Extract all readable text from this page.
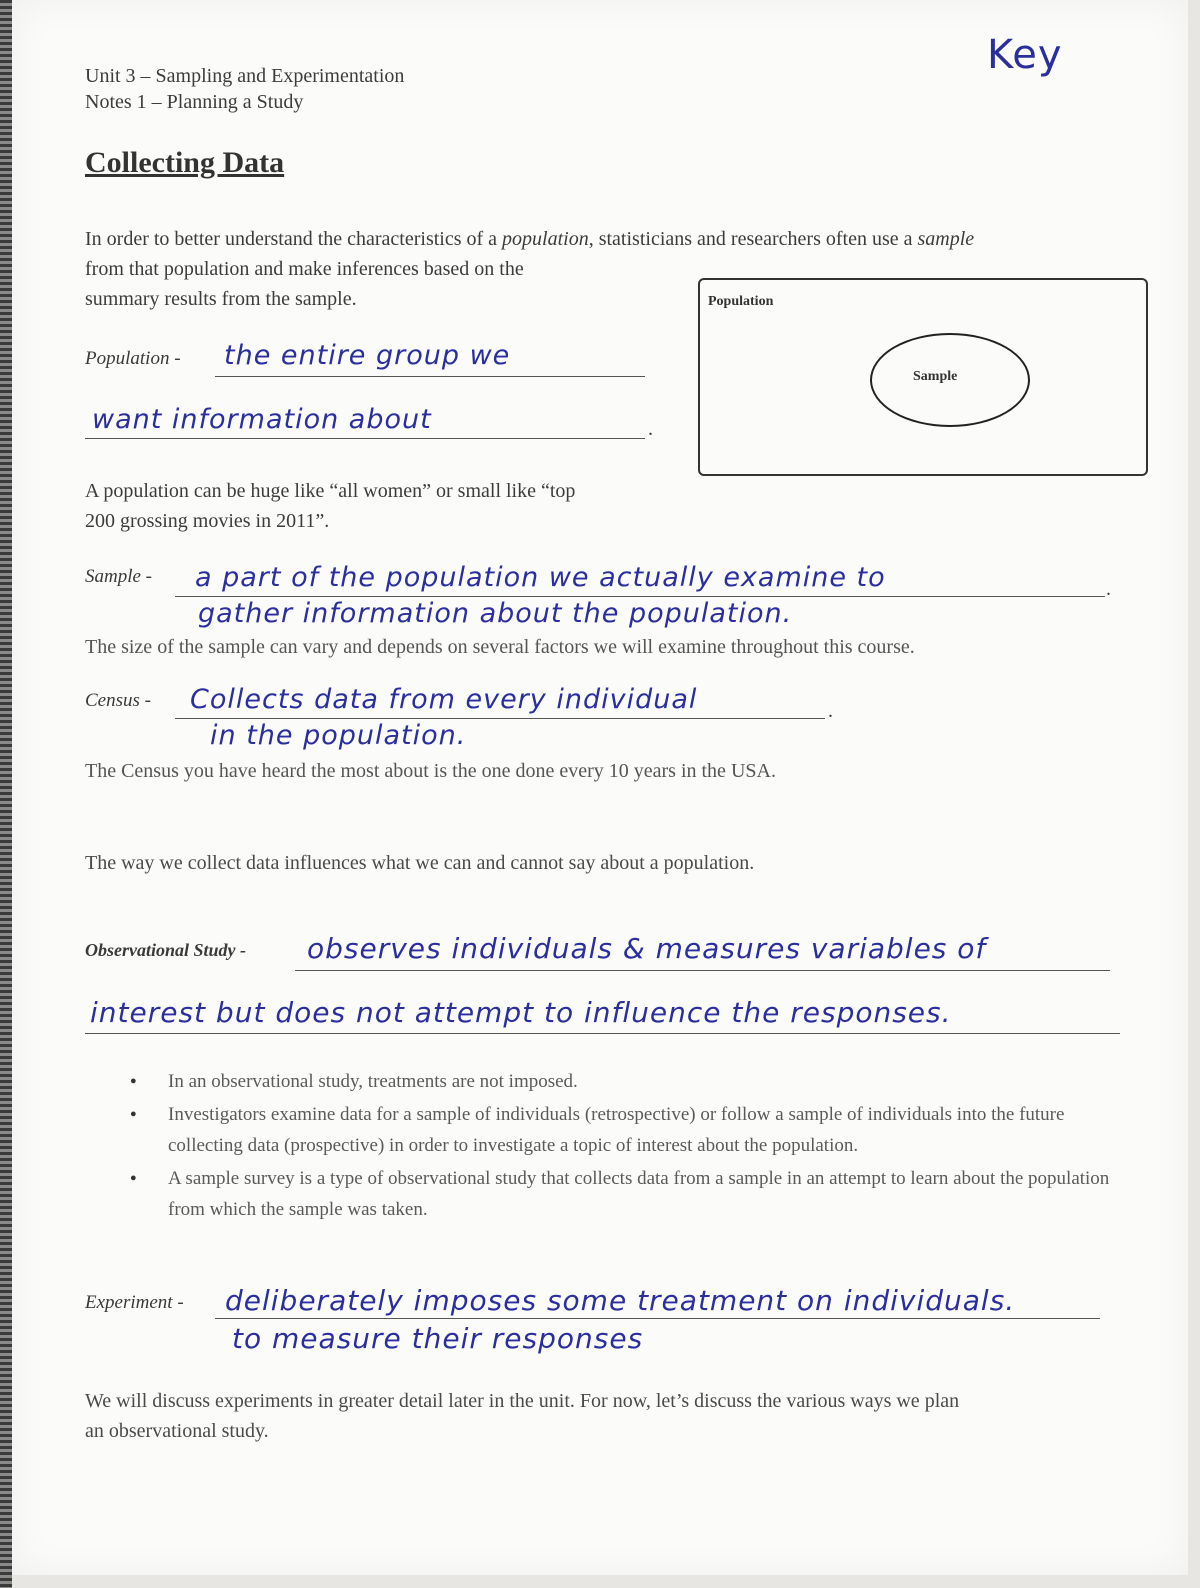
Unit 3 – Sampling and Experimentation
Notes 1 – Planning a Study
Key
Collecting Data
In order to better understand the characteristics of a population, statisticians and researchers often use a sample
from that population and make inferences based on the
summary results from the sample.	Population
Sample
Population - the entire group we
want information about	.
A population can be huge like “all women” or small like “top
200 grossing movies in 2011”.
Sample - a part of the population we actually examine to	.
gather information about the population.
The size of the sample can vary and depends on several factors we will examine throughout this course.
Census - Collects data from every individual	.
in the population.
The Census you have heard the most about is the one done every 10 years in the USA.
The way we collect data influences what we can and cannot say about a population.
Observational Study - observes individuals & measures variables of
interest but does not attempt to influence the responses.
● In an observational study, treatments are not imposed.
● Investigators examine data for a sample of individuals (retrospective) or follow a sample of individuals into the future collecting data (prospective) in order to investigate a topic of interest about the population.
● A sample survey is a type of observational study that collects data from a sample in an attempt to learn about the population from which the sample was taken.
Experiment - deliberately imposes some treatment on individuals.
to measure their responses
We will discuss experiments in greater detail later in the unit. For now, let’s discuss the various ways we plan
an observational study.
